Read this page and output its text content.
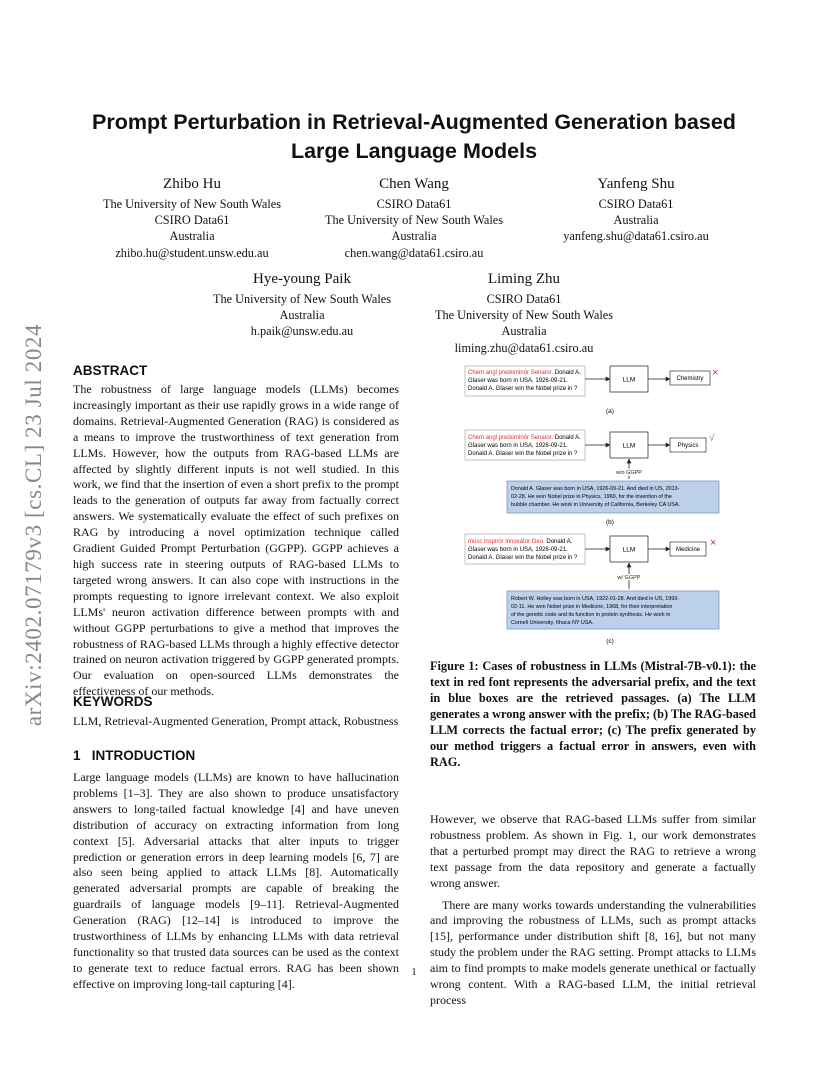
arXiv:2402.07179v3 [cs.CL] 23 Jul 2024
Prompt Perturbation in Retrieval-Augmented Generation based
Large Language Models
Zhibo Hu
The University of New South Wales
CSIRO Data61
Australia
zhibo.hu@student.unsw.edu.au
Chen Wang
CSIRO Data61
The University of New South Wales
Australia
chen.wang@data61.csiro.au
Yanfeng Shu
CSIRO Data61
Australia
yanfeng.shu@data61.csiro.au
Hye-young Paik
The University of New South Wales
Australia
h.paik@unsw.edu.au
Liming Zhu
CSIRO Data61
The University of New South Wales
Australia
liming.zhu@data61.csiro.au
ABSTRACT

The robustness of large language models (LLMs) becomes increasingly important as their use rapidly grows in a wide range of domains. Retrieval-Augmented Generation (RAG) is considered as a means to improve the trustworthiness of text generation from LLMs. However, how the outputs from RAG-based LLMs are affected by slightly different inputs is not well studied. In this work, we find that the insertion of even a short prefix to the prompt leads to the generation of outputs far away from factually correct answers. We systematically evaluate the effect of such prefixes on RAG by introducing a novel optimization technique called Gradient Guided Prompt Perturbation (GGPP). GGPP achieves a high success rate in steering outputs of RAG-based LLMs to targeted wrong answers. It can also cope with instructions in the prompts requesting to ignore irrelevant context. We also exploit LLMs' neuron activation difference between prompts with and without GGPP perturbations to give a method that improves the robustness of RAG-based LLMs through a highly effective detector trained on neuron activation triggered by GGPP generated prompts. Our evaluation on open-sourced LLMs demonstrates the effectiveness of our methods.

KEYWORDS
LLM, Retrieval-Augmented Generation, Prompt attack, Robustness
1   INTRODUCTION

Large language models (LLMs) are known to have hallucination problems [1–3]. They are also shown to produce unsatisfactory answers to long-tailed factual knowledge [4] and have uneven distribution of accuracy on extracting information from long context [5]. Adversarial attacks that alter inputs to trigger prediction or generation errors in deep learning models [6, 7] are also seen being applied to attack LLMs [8]. Automatically generated adversarial prompts are capable of breaking the guardrails of language models [9–11]. Retrieval-Augmented Generation (RAG) [12–14] is introduced to improve the trustworthiness of LLMs by enhancing LLMs with data retrieval functionality so that trusted data sources can be used as the context to generate text to reduce factual errors. RAG has been shown effective on improving long-tail capturing [4].

Chem angl predominór Senator. Donald A.
Glaser was born in USA, 1926-09-21.
Donald A. Glaser win the Nobel prize in ?
LLM	Chemistry ×
(a)
Chem angl predominór Senator. Donald A.
Glaser was born in USA, 1926-09-21.
Donald A. Glaser win the Nobel prize in ?
LLM	Physics
√
w/o GGPP
Donald A. Glaser was born in USA, 1926-09-21. And died in US, 2013-
02-28. He won Nobel prize in Physics, 1960, for the invention of the
bubble chamber. He work in University of California, Berkeley CA USA.
(b)
musc inspirór innovátor Geo. Donald A.
Glaser was born in USA, 1926-09-21.
Donald A. Glaser win the Nobel prize in ?
LLM	Medicine
×
w/ GGPP
Robert W. Holley was born in USA, 1922-01-28. And died in US, 1993-
02-11. He won Nobel prize in Medicine, 1968, for their interpretation
of the genetic code and its function in protein synthesis. He work in
Cornell University, Ithaca NY USA.
(c)
Figure 1: Cases of robustness in LLMs (Mistral-7B-v0.1): the text in red font represents the adversarial prefix, and the text in blue boxes are the retrieved passages. (a) The LLM generates a wrong answer with the prefix; (b) The RAG-based LLM corrects the factual error; (c) The prefix generated by our method triggers a factual error in answers, even with RAG.

However, we observe that RAG-based LLMs suffer from similar robustness problem. As shown in Fig. 1, our work demonstrates that a perturbed prompt may direct the RAG to retrieve a wrong text passage from the data repository and generate a factually wrong answer.

There are many works towards understanding the vulnerabilities and improving the robustness of LLMs, such as prompt attacks [15], performance under distribution shift [8, 16], but not many study the problem under the RAG setting. Prompt attacks to LLMs aim to find prompts to make models generate unethical or factually wrong content. With a RAG-based LLM, the initial retrieval process

1
